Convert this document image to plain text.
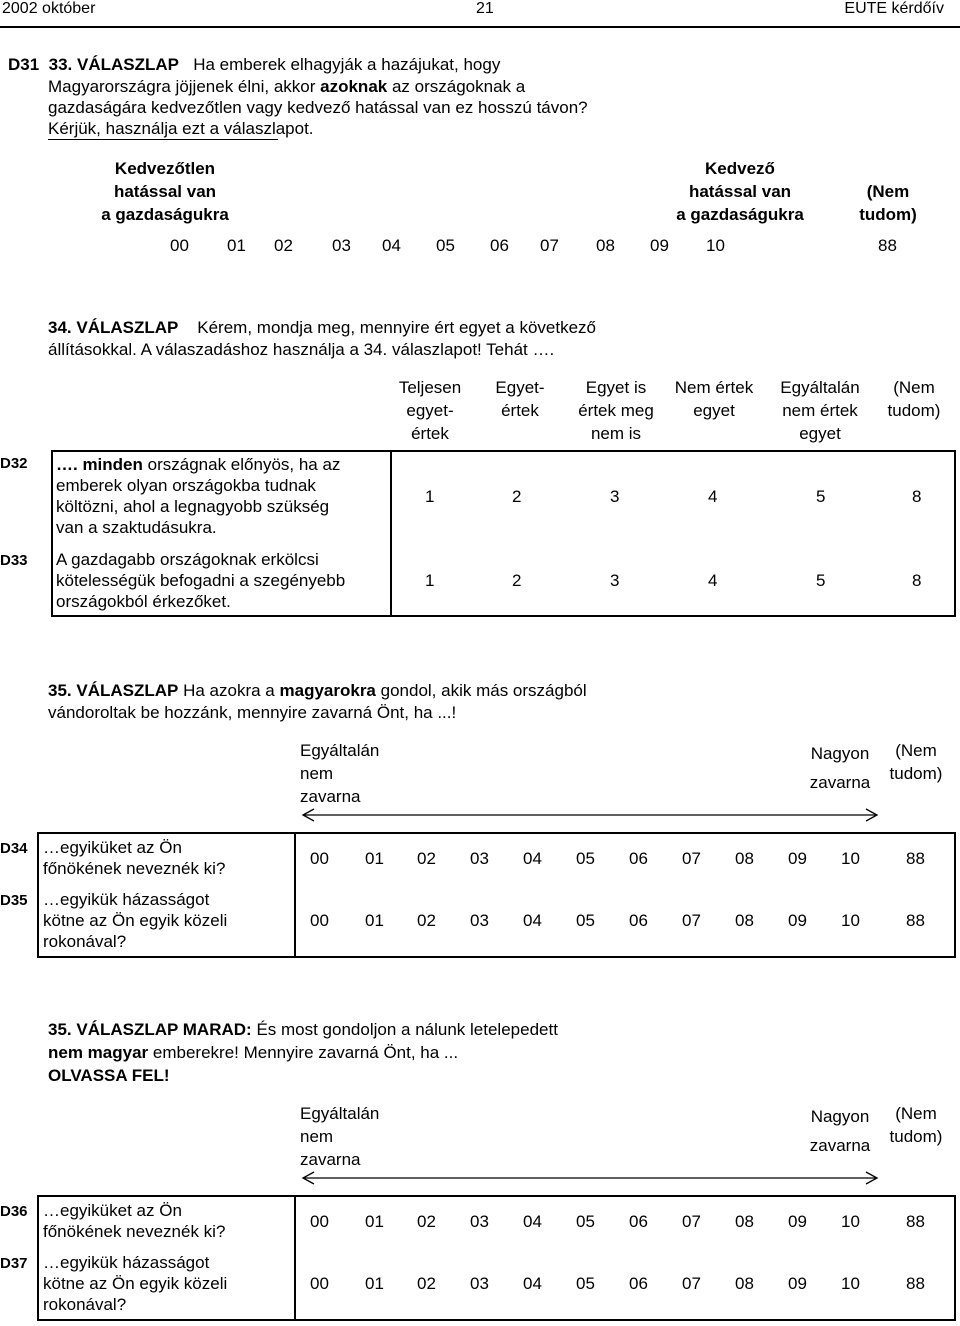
2002 október	21	EUTE kérdőív
D31 33. VÁLASZLAP Ha emberek elhagyják a hazájukat, hogy
Magyarországra jöjjenek élni, akkor azoknak az országoknak a
gazdaságára kedvezőtlen vagy kedvező hatással van ez hosszú távon?
Kérjük, használja ezt a válaszlapot.
Kedvezőtlen
hatással van
a gazdaságukra
Kedvező
hatással van
a gazdaságukra
(Nem
tudom)
00 01 02 03 04 05 06 07 08 09 10	88
34. VÁLASZLAP Kérem, mondja meg, mennyire ért egyet a következő
állításokkal. A válaszadáshoz használja a 34. válaszlapot! Tehát ….
Teljesen
egyet-
értek
Egyet-
értek
Egyet is
értek meg
nem is
Nem értek
egyet
Egyáltalán
nem értek
egyet
(Nem
tudom)
D32 …. minden országnak előnyös, ha az
emberek olyan országokba tudnak
költözni, ahol a legnagyobb szükség
van a szaktudásukra.
1	2	3	4	5	8
D33 A gazdagabb országoknak erkölcsi
kötelességük befogadni a szegényebb
országokból érkezőket.
1	2	3	4	5	8
35. VÁLASZLAP Ha azokra a magyarokra gondol, akik más országból
vándoroltak be hozzánk, mennyire zavarná Önt, ha ...!
Egyáltalán
nem
zavarna
Nagyon
zavarna
(Nem
tudom)
D34 …egyiküket az Ön
főnökének neveznék ki?
00 01 02 03 04 05 06 07 08 09 10	88
D35 …egyikük házasságot
kötne az Ön egyik közeli
rokonával?
00 01 02 03 04 05 06 07 08 09 10	88
35. VÁLASZLAP MARAD: És most gondoljon a nálunk letelepedett
nem magyar emberekre! Mennyire zavarná Önt, ha ...
OLVASSA FEL!
Egyáltalán
nem
zavarna
Nagyon
zavarna
(Nem
tudom)
D36 …egyiküket az Ön
főnökének neveznék ki?
00 01 02 03 04 05 06 07 08 09 10	88
D37 …egyikük házasságot
kötne az Ön egyik közeli
rokonával?
00 01 02 03 04 05 06 07 08 09 10	88
